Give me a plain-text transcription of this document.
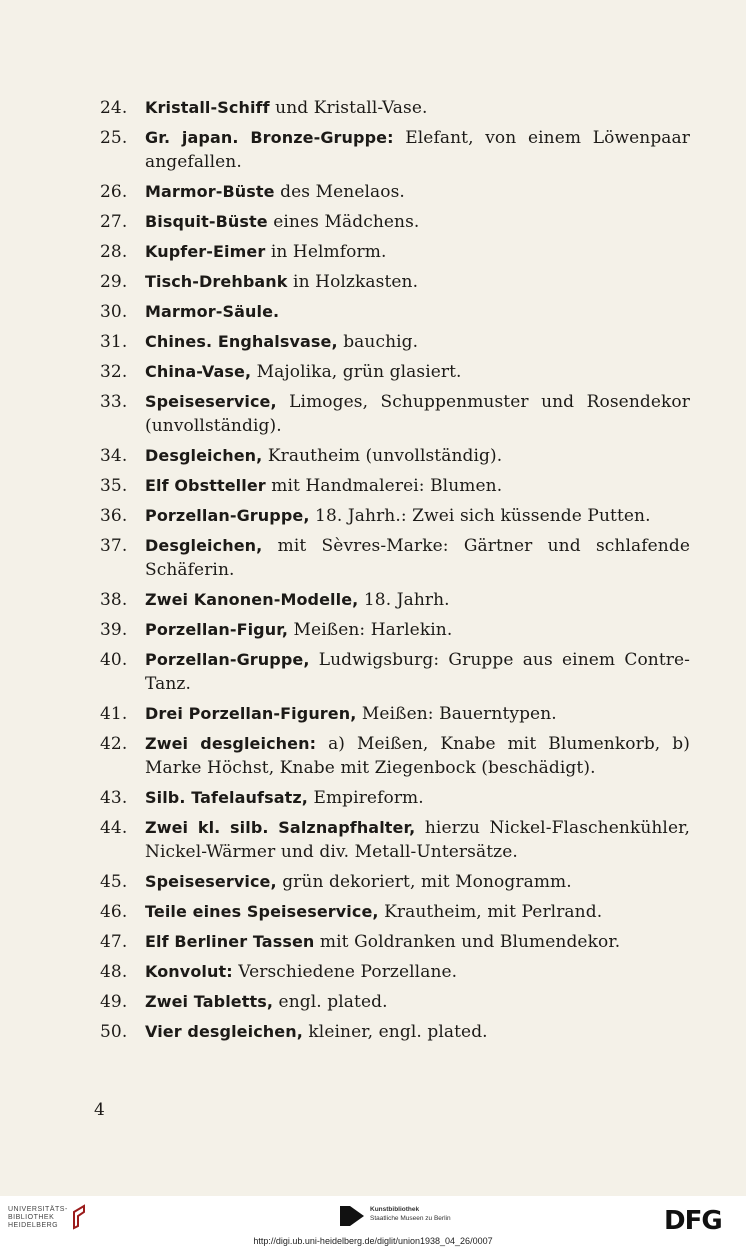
24.	Kristall-Schiff und Kristall-Vase.
25.	Gr. japan. Bronze-Gruppe: Elefant, von einem Löwenpaar angefallen.
26.	Marmor-Büste des Menelaos.
27.	Bisquit-Büste eines Mädchens.
28.	Kupfer-Eimer in Helmform.
29.	Tisch-Drehbank in Holzkasten.
30.	Marmor-Säule.
31.	Chines. Enghalsvase, bauchig.
32.	China-Vase, Majolika, grün glasiert.
33.	Speiseservice, Limoges, Schuppenmuster und Rosendekor (unvollständig).
34.	Desgleichen, Krautheim (unvollständig).
35.	Elf Obstteller mit Handmalerei: Blumen.
36.	Porzellan-Gruppe, 18. Jahrh.: Zwei sich küssende Putten.
37.	Desgleichen, mit Sèvres-Marke: Gärtner und schlafende Schäferin.
38.	Zwei Kanonen-Modelle, 18. Jahrh.
39.	Porzellan-Figur, Meißen: Harlekin.
40.	Porzellan-Gruppe, Ludwigsburg: Gruppe aus einem Contre-Tanz.
41.	Drei Porzellan-Figuren, Meißen: Bauerntypen.
42.	Zwei desgleichen: a) Meißen, Knabe mit Blumenkorb, b) Marke Höchst, Knabe mit Ziegenbock (beschädigt).
43.	Silb. Tafelaufsatz, Empireform.
44.	Zwei kl. silb. Salznapfhalter, hierzu Nickel-Flaschenkühler, Nickel-Wärmer und div. Metall-Untersätze.
45.	Speiseservice, grün dekoriert, mit Monogramm.
46.	Teile eines Speiseservice, Krautheim, mit Perlrand.
47.	Elf Berliner Tassen mit Goldranken und Blumendekor.
48.	Konvolut: Verschiedene Porzellane.
49.	Zwei Tabletts, engl. plated.
50.	Vier desgleichen, kleiner, engl. plated.
4
UNIVERSITÄTS-
BIBLIOTHEK
HEIDELBERG
Kunstbibliothek
Staatliche Museen zu Berlin	DFG
http://digi.ub.uni-heidelberg.de/diglit/union1938_04_26/0007
